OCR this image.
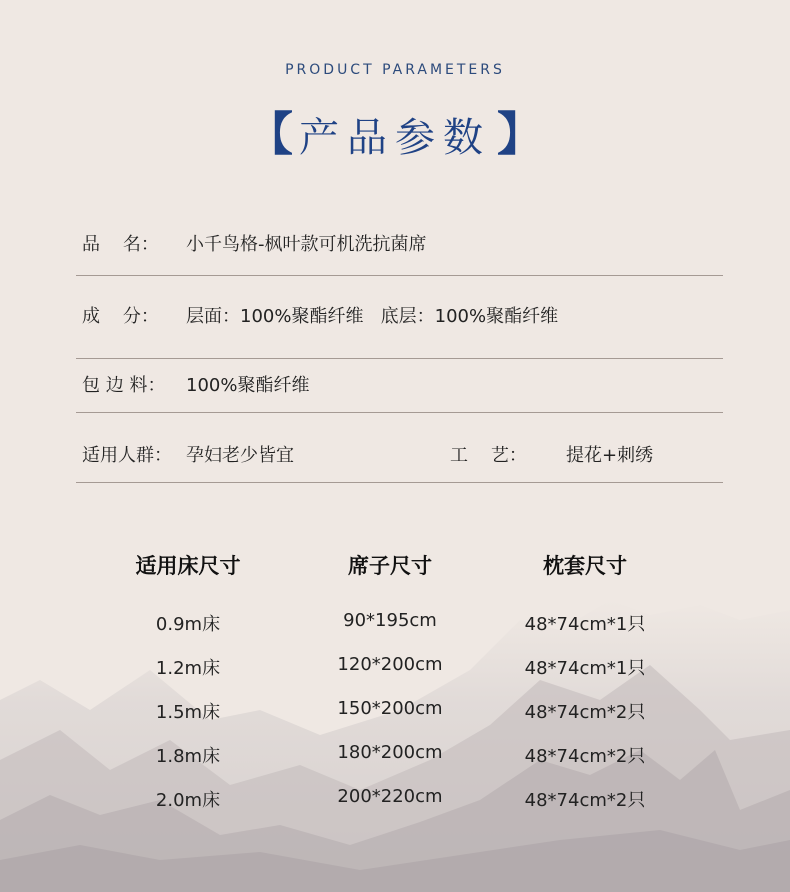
PRODUCT PARAMETERS
【 产品参数 】
品    名：	小千鸟格-枫叶款可机洗抗菌席
成    分：	层面：100%聚酯纤维   底层：100%聚酯纤维
包 边 料：	100%聚酯纤维
适用人群： 孕妇老少皆宜	工    艺：	提花+刺绣
适用床尺寸	席子尺寸	枕套尺寸
0.9m床	90*195cm	48*74cm*1只
1.2m床	120*200cm	48*74cm*1只
1.5m床	150*200cm	48*74cm*2只
1.8m床	180*200cm	48*74cm*2只
2.0m床	200*220cm	48*74cm*2只
